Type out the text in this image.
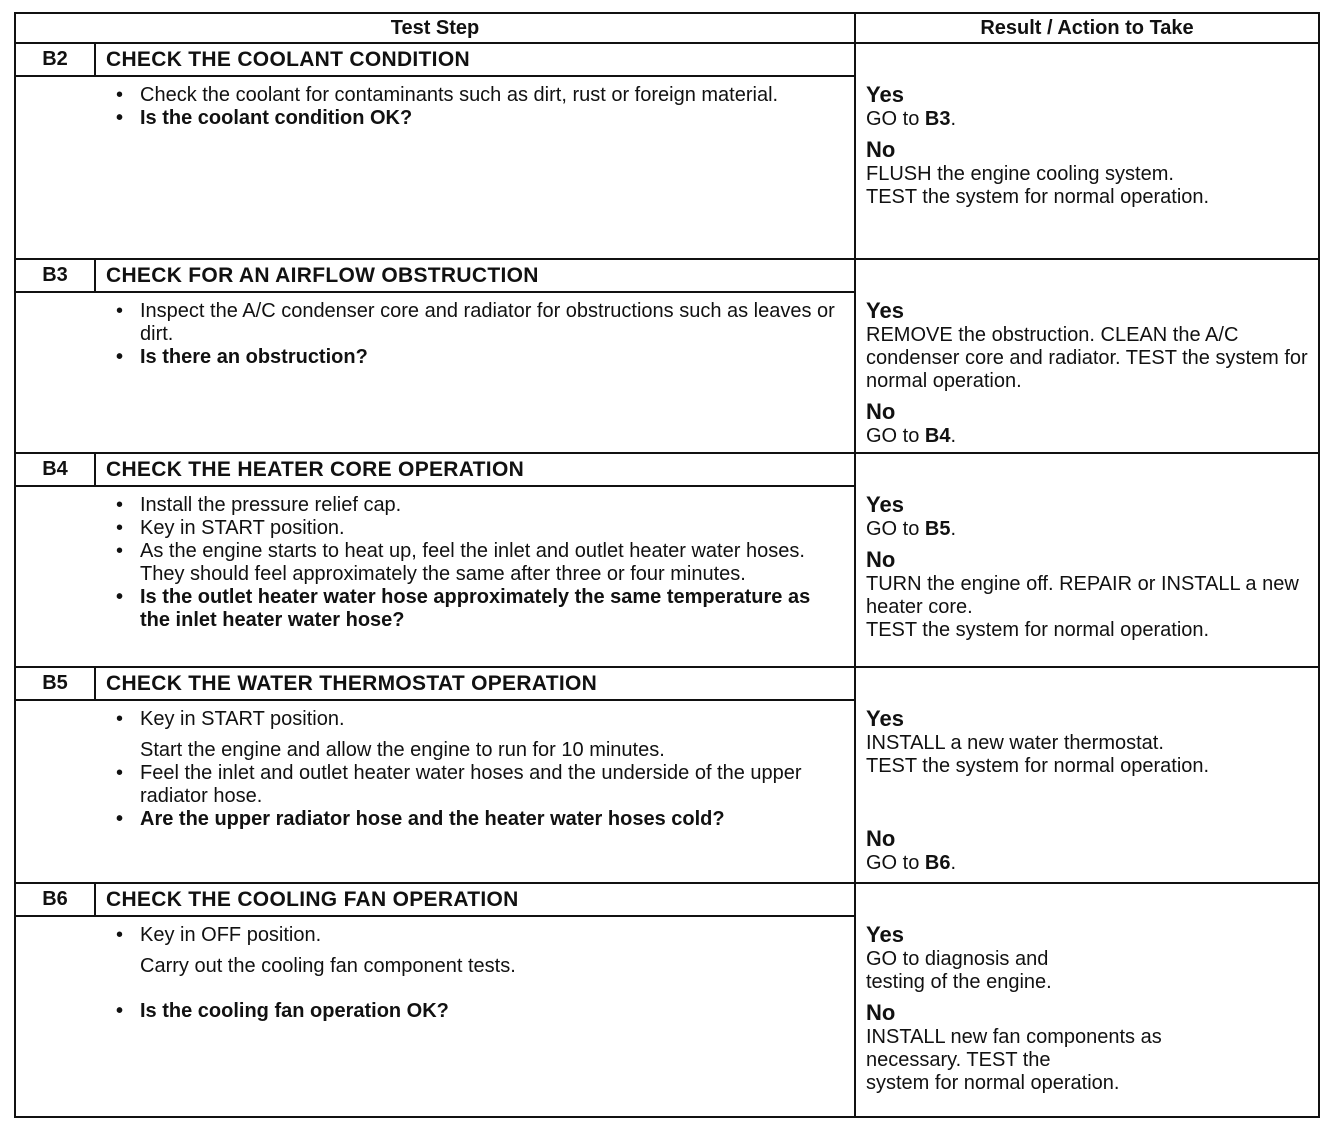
Test Step	Result / Action to Take
B2	CHECK THE COOLANT CONDITION
• Check the coolant for contaminants such as dirt, rust or foreign material.
• Is the coolant condition OK?
Yes
GO to B3.
No
FLUSH the engine cooling system.
TEST the system for normal operation.
B3	CHECK FOR AN AIRFLOW OBSTRUCTION
• Inspect the A/C condenser core and radiator for obstructions such as leaves or dirt.
• Is there an obstruction?
Yes
REMOVE the obstruction. CLEAN the A/C condenser core and radiator. TEST the system for normal operation.
No
GO to B4.
B4	CHECK THE HEATER CORE OPERATION
• Install the pressure relief cap.
• Key in START position.
• As the engine starts to heat up, feel the inlet and outlet heater water hoses. They should feel approximately the same after three or four minutes.
• Is the outlet heater water hose approximately the same temperature as the inlet heater water hose?
Yes
GO to B5.
No
TURN the engine off. REPAIR or INSTALL a new heater core.
TEST the system for normal operation.
B5	CHECK THE WATER THERMOSTAT OPERATION
• Key in START position.
Start the engine and allow the engine to run for 10 minutes.
• Feel the inlet and outlet heater water hoses and the underside of the upper radiator hose.
• Are the upper radiator hose and the heater water hoses cold?
Yes
INSTALL a new water thermostat.
TEST the system for normal operation.
No
GO to B6.
B6	CHECK THE COOLING FAN OPERATION
• Key in OFF position.
Carry out the cooling fan component tests.
• Is the cooling fan operation OK?
Yes
GO to diagnosis and
testing of the engine.
No
INSTALL new fan components as
necessary. TEST the
system for normal operation.
